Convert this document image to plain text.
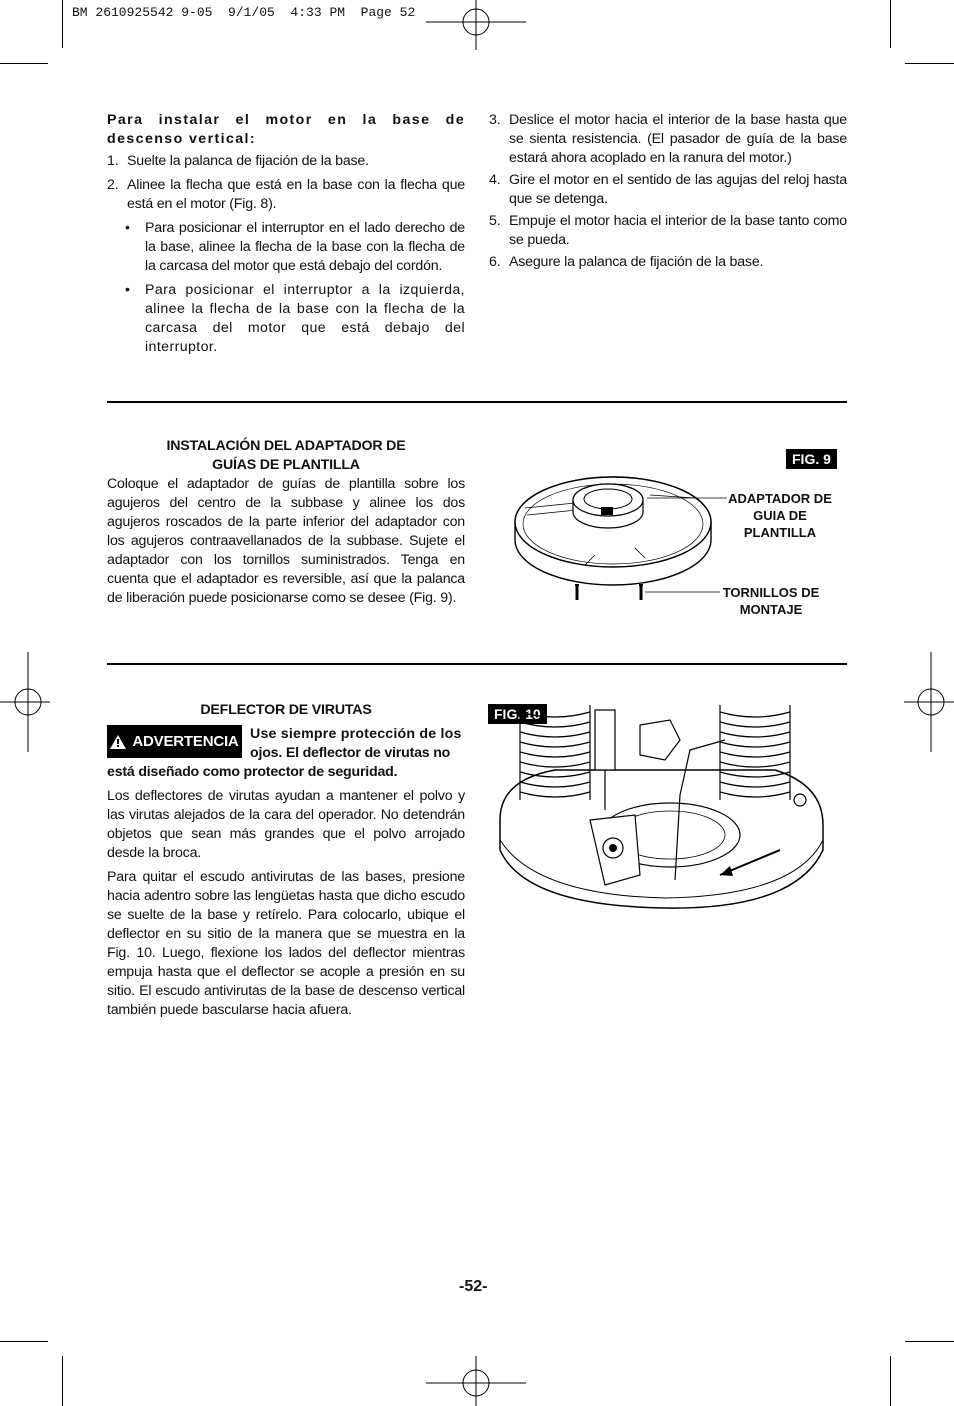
BM 2610925542 9-05  9/1/05  4:33 PM  Page 52

Para instalar el motor en la base de descenso vertical:

1. Suelte la palanca de fijación de la base.

2. Alinee la flecha que está en la base con la flecha que está en el motor (Fig. 8).

• Para posicionar el interruptor en el lado derecho de la base, alinee la flecha de la base con la flecha de la carcasa del motor que está debajo del cordón.

• Para posicionar el interruptor a la izquierda, alinee la flecha de la base con la flecha de la carcasa del motor que está debajo del interruptor.

3. Deslice el motor hacia el interior de la base hasta que se sienta resistencia. (El pasador de guía de la base estará ahora acoplado en la ranura del motor.)

4. Gire el motor en el sentido de las agujas del reloj hasta que se detenga.

5. Empuje el motor hacia el interior de la base tanto como se pueda.

6. Asegure la palanca de fijación de la base.

INSTALACIÓN DEL ADAPTADOR DE

GUÍAS DE PLANTILLA

Coloque el adaptador de guías de plantilla sobre los agujeros del centro de la subbase y alinee los dos agujeros roscados de la parte inferior del adaptador con los agujeros contraavellanados de la subbase. Sujete el adaptador con los tornillos suministrados. Tenga en cuenta que el adaptador es reversible, así que la palanca de liberación puede posicionarse como se desee (Fig. 9).

FIG. 9
ADAPTADOR DE
GUIA DE
PLANTILLA
TORNILLOS DE
MONTAJE

DEFLECTOR DE VIRUTAS

ADVERTENCIA Use siempre protección de los

ojos. El deflector de virutas no

está diseñado como protector de seguridad.

Los deflectores de virutas ayudan a mantener el polvo y las virutas alejados de la cara del operador. No detendrán objetos que sean más grandes que el polvo arrojado desde la broca.

Para quitar el escudo antivirutas de las bases, presione hacia adentro sobre las lengüetas hasta que dicho escudo se suelte de la base y retírelo. Para colocarlo, ubique el deflector en su sitio de la manera que se muestra en la Fig. 10. Luego, flexione los lados del deflector mientras empuja hasta que el deflector se acople a presión en su sitio. El escudo antivirutas de la base de descenso vertical también puede bascularse hacia afuera.

FIG. 10
-52-
